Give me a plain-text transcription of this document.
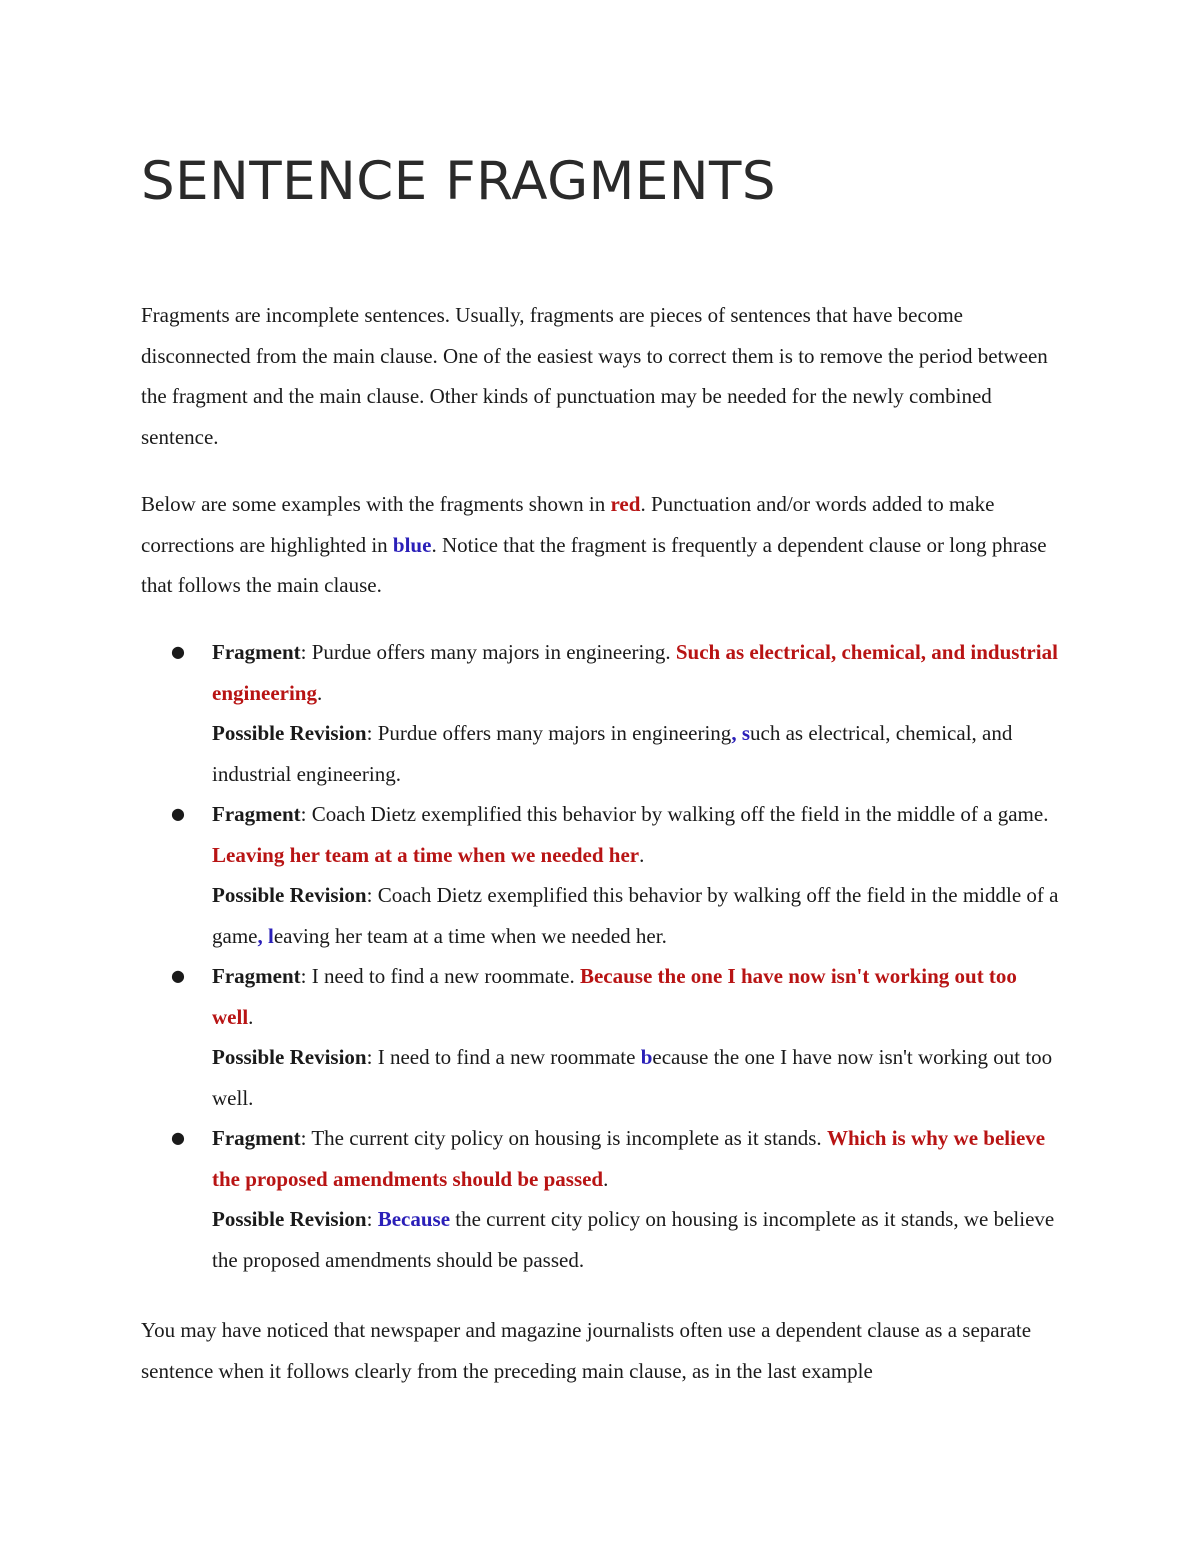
SENTENCE FRAGMENTS

Fragments are incomplete sentences. Usually, fragments are pieces of sentences that have become disconnected from the main clause. One of the easiest ways to correct them is to remove the period between the fragment and the main clause. Other kinds of punctuation may be needed for the newly combined sentence.

Below are some examples with the fragments shown in red. Punctuation and/or words added to make corrections are highlighted in blue. Notice that the fragment is frequently a dependent clause or long phrase that follows the main clause.

● Fragment: Purdue offers many majors in engineering. Such as electrical, chemical, and industrial engineering.
Possible Revision: Purdue offers many majors in engineering, such as electrical, chemical, and industrial engineering.
● Fragment: Coach Dietz exemplified this behavior by walking off the field in the middle of a game. Leaving her team at a time when we needed her.
Possible Revision: Coach Dietz exemplified this behavior by walking off the field in the middle of a game, leaving her team at a time when we needed her.
● Fragment: I need to find a new roommate. Because the one I have now isn't working out too well.
Possible Revision: I need to find a new roommate because the one I have now isn't working out too well.
● Fragment: The current city policy on housing is incomplete as it stands. Which is why we believe the proposed amendments should be passed.
Possible Revision: Because the current city policy on housing is incomplete as it stands, we believe the proposed amendments should be passed.

You may have noticed that newspaper and magazine journalists often use a dependent clause as a separate sentence when it follows clearly from the preceding main clause, as in the last example
